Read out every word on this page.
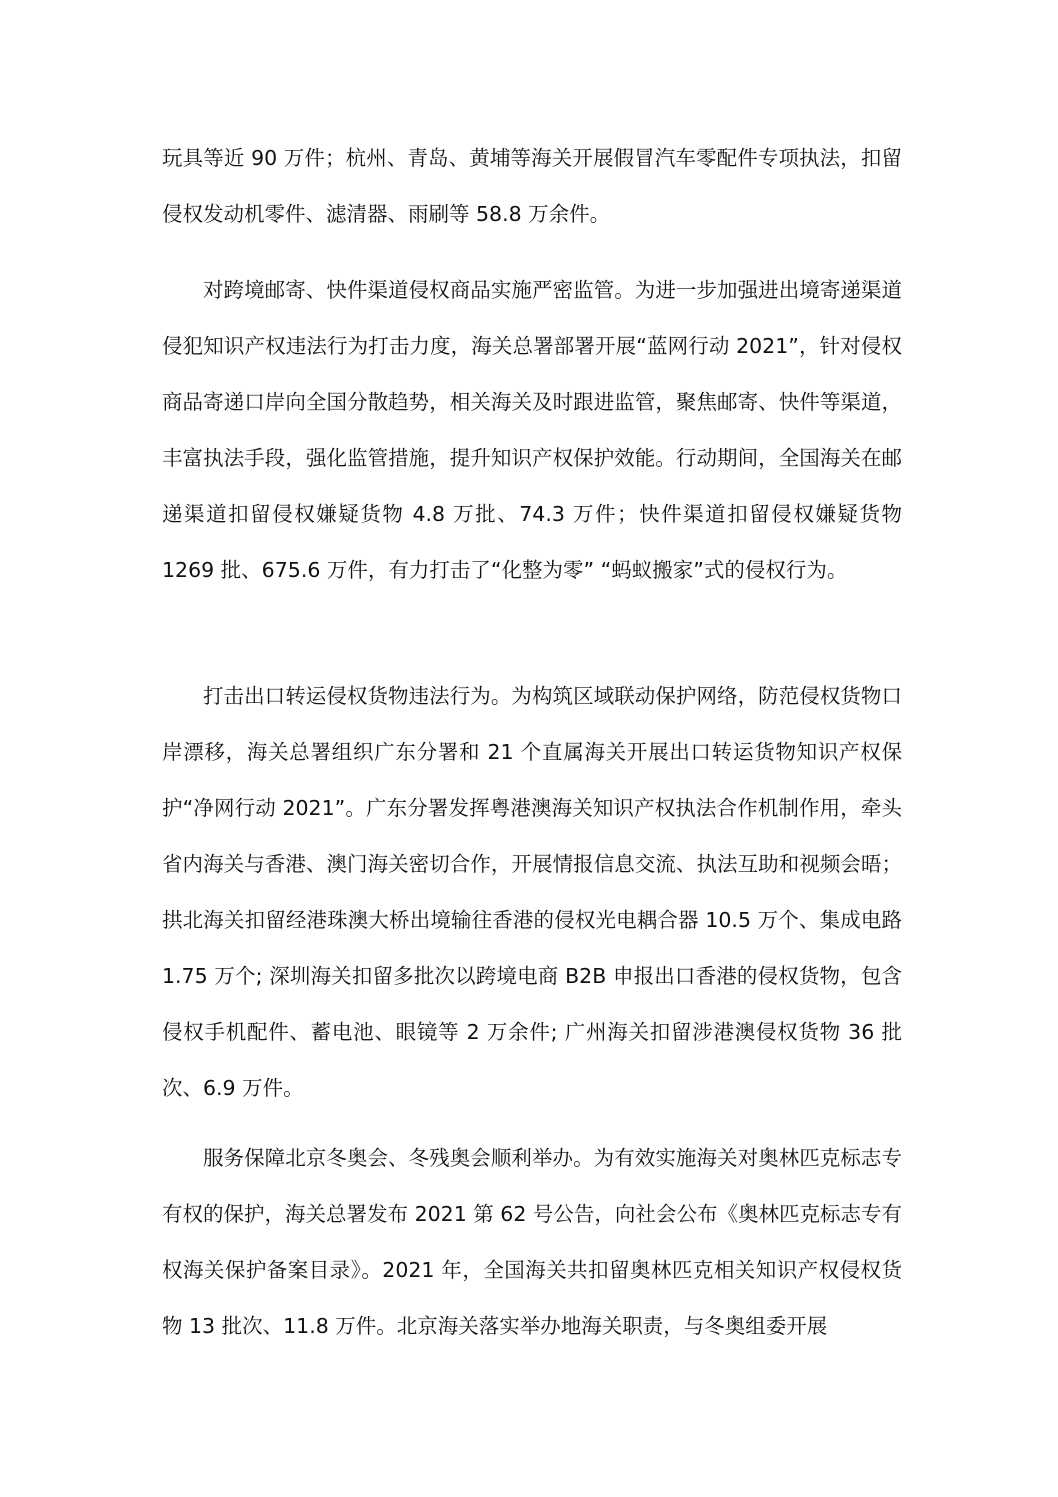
玩具等近 90 万件；杭州、青岛、黄埔等海关开展假冒汽车零配件专项执法，扣留侵权发动机零件、滤清器、雨刷等 58.8 万余件。

对跨境邮寄、快件渠道侵权商品实施严密监管。为进一步加强进出境寄递渠道侵犯知识产权违法行为打击力度，海关总署部署开展“蓝网行动 2021”，针对侵权商品寄递口岸向全国分散趋势，相关海关及时跟进监管，聚焦邮寄、快件等渠道，丰富执法手段，强化监管措施，提升知识产权保护效能。行动期间，全国海关在邮递渠道扣留侵权嫌疑货物 4.8 万批、74.3 万件；快件渠道扣留侵权嫌疑货物 1269 批、675.6 万件，有力打击了“化整为零” “蚂蚁搬家”式的侵权行为。

打击出口转运侵权货物违法行为。为构筑区域联动保护网络，防范侵权货物口岸漂移，海关总署组织广东分署和 21 个直属海关开展出口转运货物知识产权保护“净网行动 2021”。广东分署发挥粤港澳海关知识产权执法合作机制作用，牵头省内海关与香港、澳门海关密切合作，开展情报信息交流、执法互助和视频会晤；拱北海关扣留经港珠澳大桥出境输往香港的侵权光电耦合器 10.5 万个、集成电路 1.75 万个; 深圳海关扣留多批次以跨境电商 B2B 申报出口香港的侵权货物，包含侵权手机配件、蓄电池、眼镜等 2 万余件; 广州海关扣留涉港澳侵权货物 36 批次、6.9 万件。

服务保障北京冬奥会、冬残奥会顺利举办。为有效实施海关对奥林匹克标志专有权的保护，海关总署发布 2021 第 62 号公告，向社会公布《奥林匹克标志专有权海关保护备案目录》。2021 年，全国海关共扣留奥林匹克相关知识产权侵权货物 13 批次、11.8 万件。北京海关落实举办地海关职责，与冬奥组委开展
